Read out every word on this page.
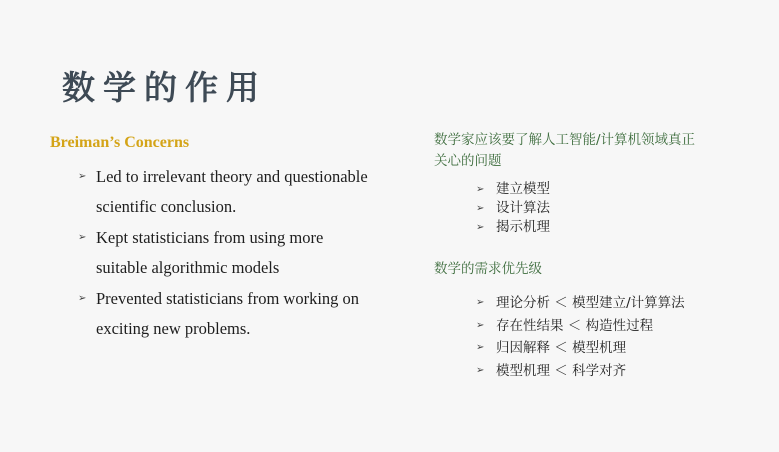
数学的作用
Breiman’s Concerns
➢ Led to irrelevant theory and questionable
scientific conclusion.
➢ Kept statisticians from using more
suitable algorithmic models
➢ Prevented statisticians from working on
exciting new problems.
数学家应该要了解人工智能/计算机领域真正
关心的问题
➢ 建立模型
➢ 设计算法
➢ 揭示机理
数学的需求优先级
➢ 理论分析 ＜ 模型建立/计算算法
➢ 存在性结果 ＜ 构造性过程
➢ 归因解释 ＜ 模型机理
➢ 模型机理 ＜ 科学对齐
